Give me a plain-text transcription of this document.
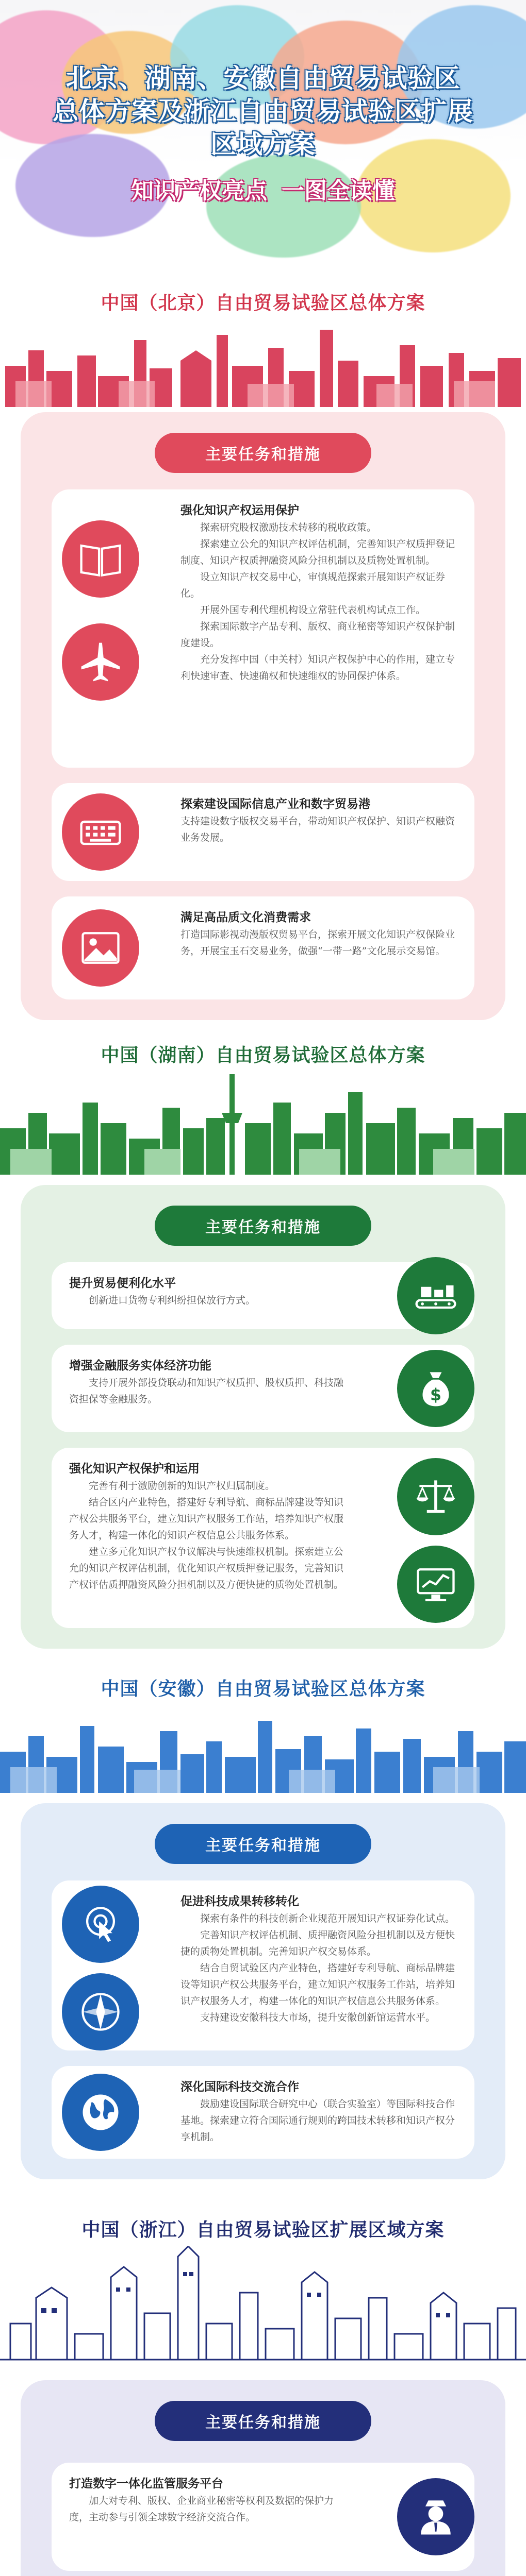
北京、湖南、安徽自由贸易试验区
总体方案及浙江自由贸易试验区扩展
区域方案
知识产权亮点 一图全读懂
中国（北京）自由贸易试验区总体方案
主要任务和措施
强化知识产权运用保护
探索研究股权激励技术转移的税收政策。
探索建立公允的知识产权评估机制，完善知识产权质押登记制度、知识产权质押融资风险分担机制以及质物处置机制。
设立知识产权交易中心，审慎规范探索开展知识产权证券化。
开展外国专利代理机构设立常驻代表机构试点工作。
探索国际数字产品专利、版权、商业秘密等知识产权保护制度建设。
充分发挥中国（中关村）知识产权保护中心的作用，建立专利快速审查、快速确权和快速维权的协同保护体系。
探索建设国际信息产业和数字贸易港
支持建设数字版权交易平台，带动知识产权保护、知识产权融资业务发展。
满足高品质文化消费需求
打造国际影视动漫版权贸易平台，探索开展文化知识产权保险业务，开展宝玉石交易业务，做强“一带一路”文化展示交易馆。
中国（湖南）自由贸易试验区总体方案
主要任务和措施
提升贸易便利化水平
创新进口货物专利纠纷担保放行方式。
增强金融服务实体经济功能
支持开展外部投贷联动和知识产权质押、股权质押、科技融资担保等金融服务。	$
强化知识产权保护和运用
完善有利于激励创新的知识产权归属制度。
结合区内产业特色，搭建好专利导航、商标品牌建设等知识产权公共服务平台，建立知识产权服务工作站，培养知识产权服务人才，构建一体化的知识产权信息公共服务体系。
建立多元化知识产权争议解决与快速维权机制。探索建立公允的知识产权评估机制，优化知识产权质押登记服务，完善知识产权评估质押融资风险分担机制以及方便快捷的质物处置机制。
中国（安徽）自由贸易试验区总体方案
主要任务和措施
促进科技成果转移转化
探索有条件的科技创新企业规范开展知识产权证券化试点。
完善知识产权评估机制、质押融资风险分担机制以及方便快捷的质物处置机制。完善知识产权交易体系。
结合自贸试验区内产业特色，搭建好专利导航、商标品牌建设等知识产权公共服务平台，建立知识产权服务工作站，培养知识产权服务人才，构建一体化的知识产权信息公共服务体系。
支持建设安徽科技大市场，提升安徽创新馆运营水平。
深化国际科技交流合作
鼓励建设国际联合研究中心（联合实验室）等国际科技合作基地。探索建立符合国际通行规则的跨国技术转移和知识产权分享机制。
中国（浙江）自由贸易试验区扩展区域方案
主要任务和措施
打造数字一体化监管服务平台
加大对专利、版权、企业商业秘密等权利及数据的保护力度，主动参与引领全球数字经济交流合作。
